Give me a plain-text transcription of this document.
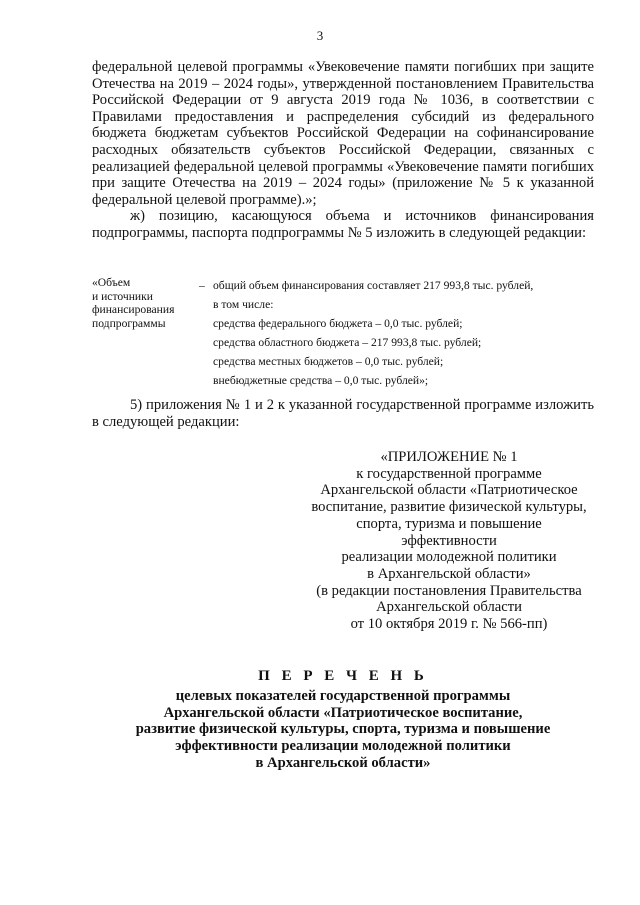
3

федеральной целевой программы «Увековечение памяти погибших при защите Отечества на 2019 – 2024 годы», утвержденной постановлением Правительства Российской Федерации от 9 августа 2019 года № 1036, в соответствии с Правилами предоставления и распределения субсидий из федерального бюджета бюджетам субъектов Российской Федерации на софинансирование расходных обязательств субъектов Российской Федерации, связанных с реализацией федеральной целевой программы «Увековечение памяти погибших при защите Отечества на 2019 – 2024 годы» (приложение № 5 к указанной федеральной целевой программе).»;

ж) позицию, касающуюся объема и источников финансирования подпрограммы, паспорта подпрограммы № 5 изложить в следующей редакции:

«Объем
и источники
финансирования
подпрограммы
– общий объем финансирования составляет 217 993,8 тыс. рублей,
в том числе:
средства федерального бюджета – 0,0 тыс. рублей;
средства областного бюджета – 217 993,8 тыс. рублей;
средства местных бюджетов – 0,0 тыс. рублей;
внебюджетные средства – 0,0 тыс. рублей»;

5) приложения № 1 и 2 к указанной государственной программе изложить в следующей редакции:

«ПРИЛОЖЕНИЕ № 1
к государственной программе
Архангельской области «Патриотическое
воспитание, развитие физической культуры,
спорта, туризма и повышение
эффективности
реализации молодежной политики
в Архангельской области»
(в редакции постановления Правительства
Архангельской области
от 10 октября 2019 г. № 566-пп)
П Е Р Е Ч Е Н Ь
целевых показателей государственной программы
Архангельской области «Патриотическое воспитание,
развитие физической культуры, спорта, туризма и повышение
эффективности реализации молодежной политики
в Архангельской области»
